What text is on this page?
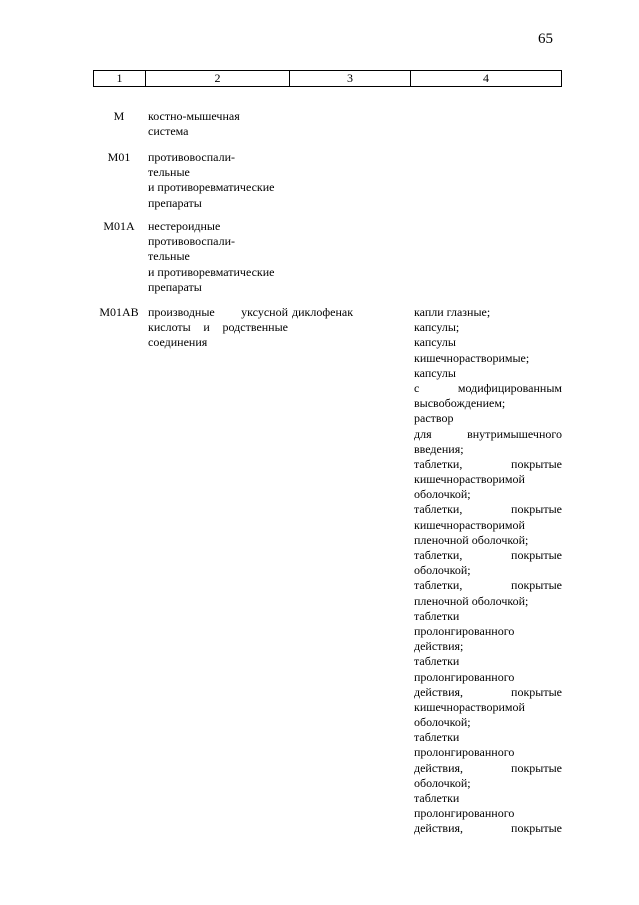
65
1	2	3	4
M	костно-мышечная
система
M01	противовоспали-
тельные
и противоревматические
препараты
M01A	нестероидные
противовоспали-
тельные
и противоревматические
препараты
M01AB производные уксусной
кислоты и родственные
соединения
диклофенак	капли глазные;
капсулы;
капсулы
кишечнорастворимые;
капсулы
с	модифицированным
высвобождением;
раствор
для	внутримышечного
введения;
таблетки,	покрытые
кишечнорастворимой
оболочкой;
таблетки,	покрытые
кишечнорастворимой
пленочной оболочкой;
таблетки,	покрытые
оболочкой;
таблетки,	покрытые
пленочной оболочкой;
таблетки
пролонгированного
действия;
таблетки
пролонгированного
действия,	покрытые
кишечнорастворимой
оболочкой;
таблетки
пролонгированного
действия,	покрытые
оболочкой;
таблетки
пролонгированного
действия,	покрытые
